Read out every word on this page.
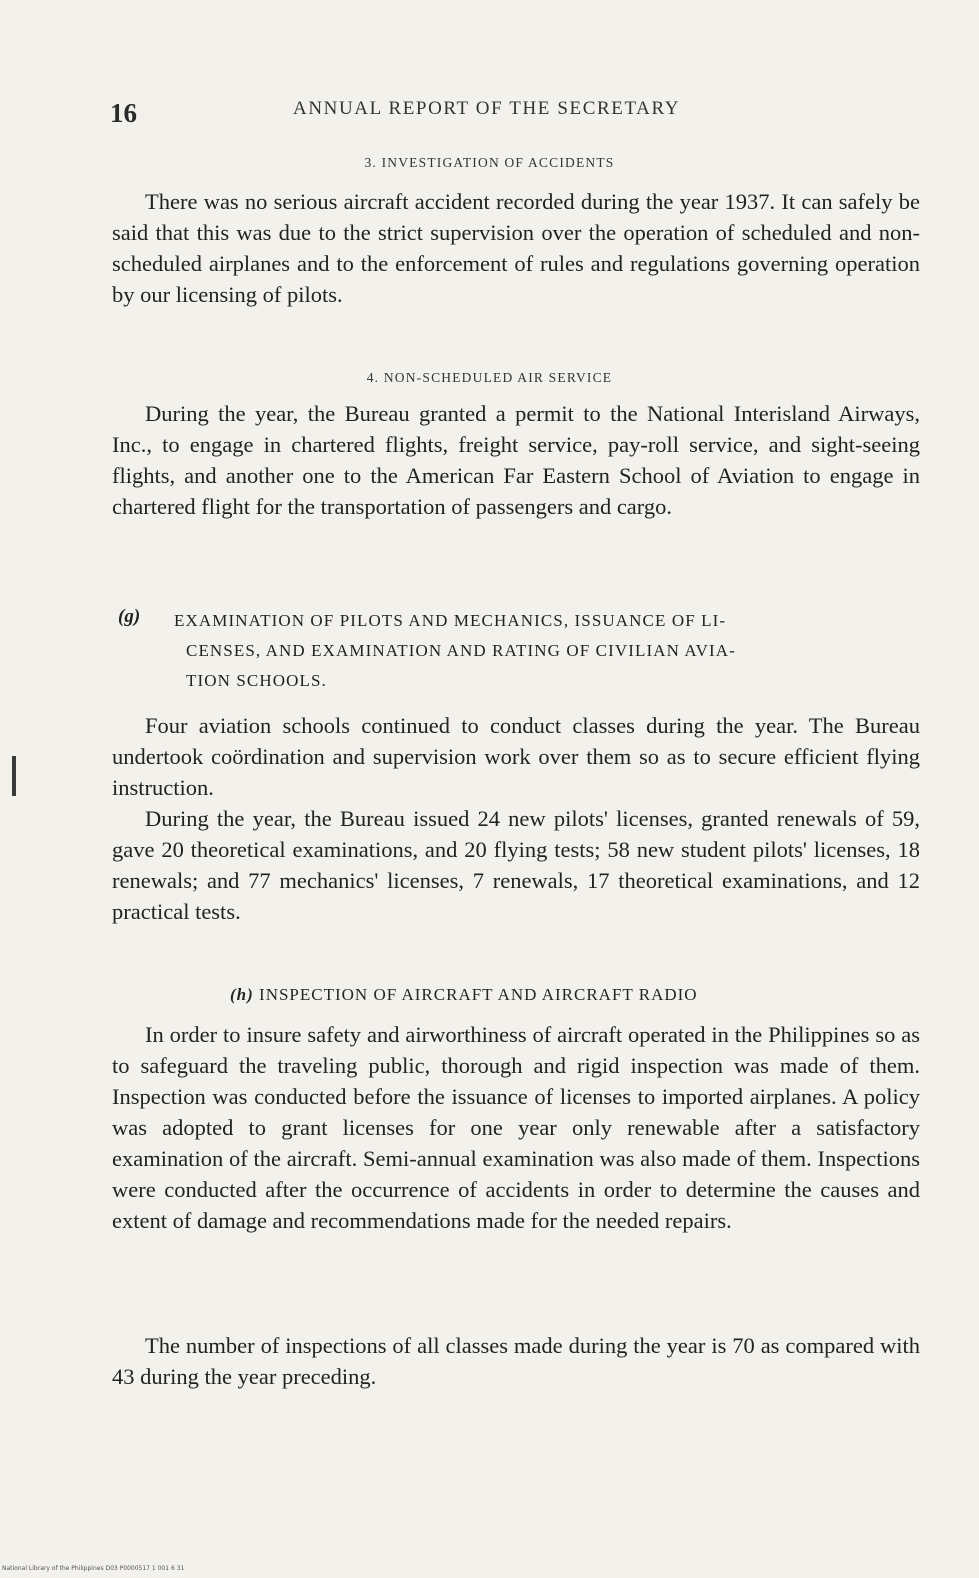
16	ANNUAL REPORT OF THE SECRETARY
3. INVESTIGATION OF ACCIDENTS

There was no serious aircraft accident recorded during the year 1937. It can safely be said that this was due to the strict supervision over the operation of scheduled and non-scheduled airplanes and to the enforcement of rules and regulations governing operation by our licensing of pilots.

4. NON-SCHEDULED AIR SERVICE

During the year, the Bureau granted a permit to the National Interisland Airways, Inc., to engage in chartered flights, freight service, pay-roll service, and sight-seeing flights, and another one to the American Far Eastern School of Aviation to engage in chartered flight for the transportation of passengers and cargo.

(g) EXAMINATION OF PILOTS AND MECHANICS, ISSUANCE OF LI-
CENSES, AND EXAMINATION AND RATING OF CIVILIAN AVIA-
TION SCHOOLS.

Four aviation schools continued to conduct classes during the year. The Bureau undertook coördination and supervision work over them so as to secure efficient flying instruction.

During the year, the Bureau issued 24 new pilots' licenses, granted renewals of 59, gave 20 theoretical examinations, and 20 flying tests; 58 new student pilots' licenses, 18 renewals; and 77 mechanics' licenses, 7 renewals, 17 theoretical examinations, and 12 practical tests.

(h) INSPECTION OF AIRCRAFT AND AIRCRAFT RADIO

In order to insure safety and airworthiness of aircraft operated in the Philippines so as to safeguard the traveling public, thorough and rigid inspection was made of them. Inspection was conducted before the issuance of licenses to imported airplanes. A policy was adopted to grant licenses for one year only renewable after a satisfactory examination of the aircraft. Semi-annual examination was also made of them. Inspections were conducted after the occurrence of accidents in order to determine the causes and extent of damage and recommendations made for the needed repairs.

The number of inspections of all classes made during the year is 70 as compared with 43 during the year preceding.

National Library of the Philippines D03 P0000517 1 001 6 31
